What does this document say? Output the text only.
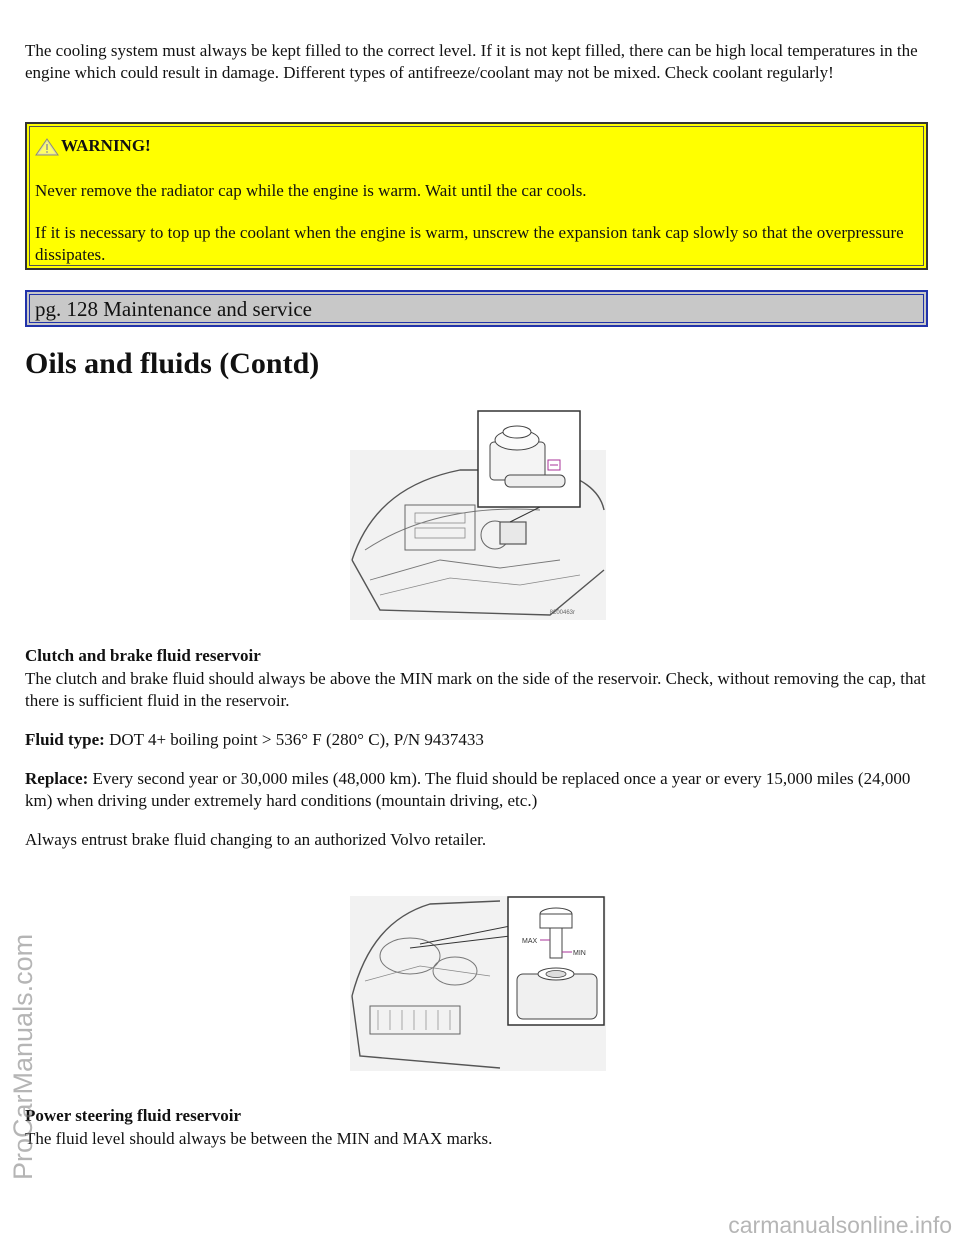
The cooling system must always be kept filled to the correct level. If it is not kept filled, there can be high local temperatures in the engine which could result in damage. Different types of antifreeze/coolant may not be mixed. Check coolant regularly!

WARNING!

Never remove the radiator cap while the engine is warm. Wait until the car cools.

If it is necessary to top up the coolant when the engine is warm, unscrew the expansion tank cap slowly so that the overpressure dissipates.

pg. 128 Maintenance and service
Oils and fluids (Contd)
8200463r
Clutch and brake fluid reservoir

The clutch and brake fluid should always be above the MIN mark on the side of the reservoir. Check, without removing the cap, that there is sufficient fluid in the reservoir.

Fluid type: DOT 4+ boiling point > 536° F (280° C), P/N 9437433

Replace: Every second year or 30,000 miles (48,000 km). The fluid should be replaced once a year or every 15,000 miles (24,000 km) when driving under extremely hard conditions (mountain driving, etc.)

Always entrust brake fluid changing to an authorized Volvo retailer.

MAX
MIN
Power steering fluid reservoir

The fluid level should always be between the MIN and MAX marks.

ProCarManuals.com
carmanualsonline.info
